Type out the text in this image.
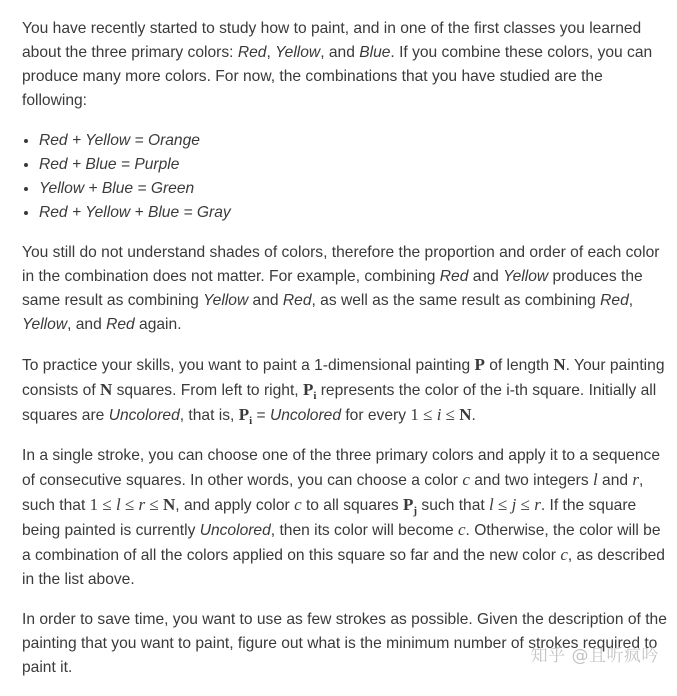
You have recently started to study how to paint, and in one of the first classes you learned about the three primary colors: Red, Yellow, and Blue. If you combine these colors, you can produce many more colors. For now, the combinations that you have studied are the following:

• Red + Yellow = Orange
• Red + Blue = Purple
• Yellow + Blue = Green
• Red + Yellow + Blue = Gray

You still do not understand shades of colors, therefore the proportion and order of each color in the combination does not matter. For example, combining Red and Yellow produces the same result as combining Yellow and Red, as well as the same result as combining Red, Yellow, and Red again.

To practice your skills, you want to paint a 1-dimensional painting P of length N. Your painting consists of N squares. From left to right, $P_i$ represents the color of the i-th square. Initially all squares are Uncolored, that is, $P_i$ = Uncolored for every 1 ≤ i ≤ N.

In a single stroke, you can choose one of the three primary colors and apply it to a sequence of consecutive squares. In other words, you can choose a color c and two integers l and r, such that 1 ≤ l ≤ r ≤ N, and apply color c to all squares $P_j$ such that l ≤ j ≤ r. If the square being painted is currently Uncolored, then its color will become c. Otherwise, the color will be a combination of all the colors applied on this square so far and the new color c, as described in the list above.

In order to save time, you want to use as few strokes as possible. Given the description of the painting that you want to paint, figure out what is the minimum number of strokes required to paint it.

知乎 @且听疯吟
